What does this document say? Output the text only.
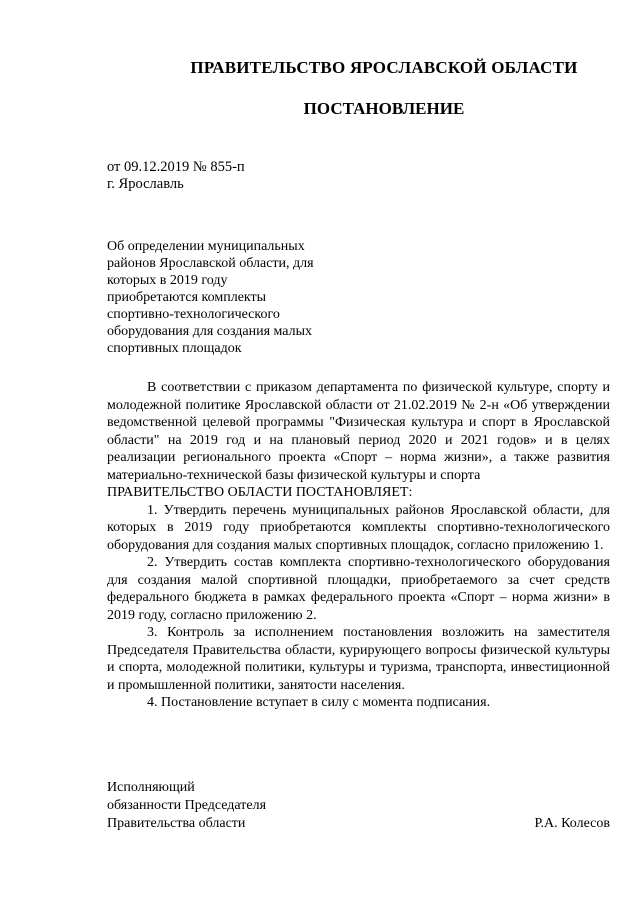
ПРАВИТЕЛЬСТВО ЯРОСЛАВСКОЙ ОБЛАСТИ
ПОСТАНОВЛЕНИЕ
от 09.12.2019 № 855-п
г. Ярославль
Об определении муниципальных
районов Ярославской области, для
которых в 2019 году
приобретаются комплекты
спортивно-технологического
оборудования для создания малых
спортивных площадок

В соответствии с приказом департамента по физической культуре, спорту и молодежной политике Ярославской области от 21.02.2019 № 2-н «Об утверждении ведомственной целевой программы "Физическая культура и спорт в Ярославской области" на 2019 год и на плановый период 2020 и 2021 годов» и в целях реализации регионального проекта «Спорт – норма жизни», а также развития материально-технической базы физической культуры и спорта

ПРАВИТЕЛЬСТВО ОБЛАСТИ ПОСТАНОВЛЯЕТ:

1. Утвердить перечень муниципальных районов Ярославской области, для которых в 2019 году приобретаются комплекты спортивно-технологического оборудования для создания малых спортивных площадок, согласно приложению 1.

2. Утвердить состав комплекта спортивно-технологического оборудования для создания малой спортивной площадки, приобретаемого за счет средств федерального бюджета в рамках федерального проекта «Спорт – норма жизни» в 2019 году, согласно приложению 2.

3. Контроль за исполнением постановления возложить на заместителя Председателя Правительства области, курирующего вопросы физической культуры и спорта, молодежной политики, культуры и туризма, транспорта, инвестиционной и промышленной политики, занятости населения.

4. Постановление вступает в силу с момента подписания.

Исполняющий
обязанности Председателя
Правительства области	Р.А. Колесов
